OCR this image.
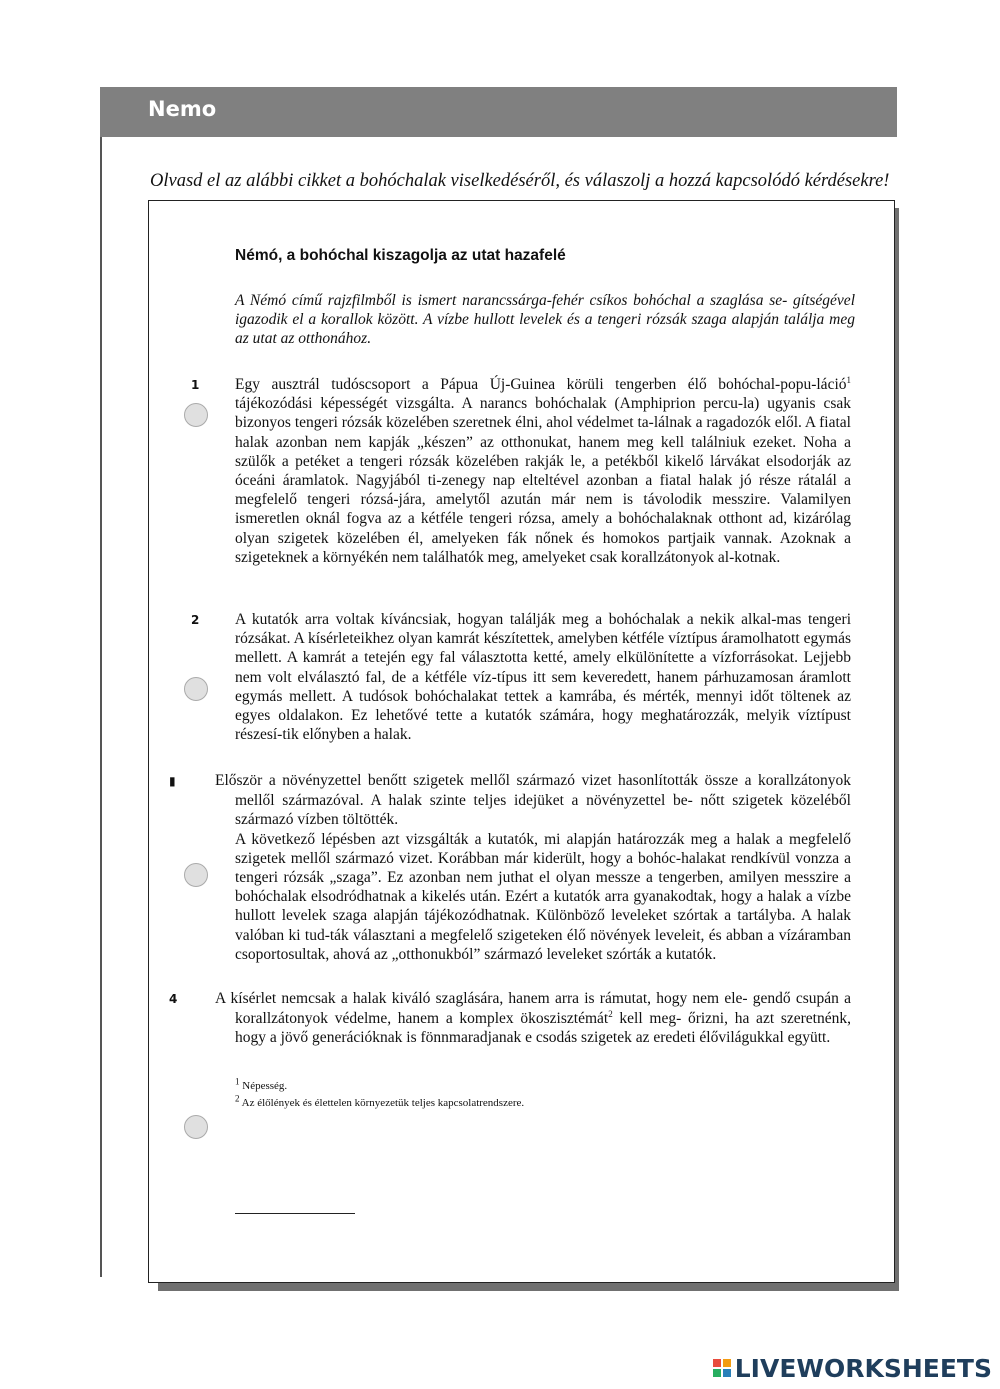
Nemo
Olvasd el az alábbi cikket a bohóchalak viselkedéséről, és válaszolj a hozzá kapcsolódó kérdésekre!
Némó, a bohóchal kiszagolja az utat hazafelé
A Némó című rajzfilmből is ismert narancssárga-fehér csíkos bohóchal a szaglása se- gítségével igazodik el a korallok között. A vízbe hullott levelek és a tengeri rózsák szaga alapján találja meg az utat az otthonához.
1 Egy ausztrál tudóscsoport a Pápua Új-Guinea körüli tengerben élő bohóchal-popu-láció$^1$ tájékozódási képességét vizsgálta. A narancs bohóchalak (Amphiprion percu-la) ugyanis csak bizonyos tengeri rózsák közelében szeretnek élni, ahol védelmet ta-lálnak a ragadozók elől. A fiatal halak azonban nem kapják „készen” az otthonukat, hanem meg kell találniuk ezeket. Noha a szülők a petéket a tengeri rózsák közelében rakják le, a petékből kikelő lárvákat elsodorják az óceáni áramlatok. Nagyjából ti-zenegy nap elteltével azonban a fiatal halak jó része rátalál a megfelelő tengeri rózsá-jára, amelytől azután már nem is távolodik messzire. Valamilyen ismeretlen oknál fogva az a kétféle tengeri rózsa, amely a bohóchalaknak otthont ad, kizárólag olyan szigetek közelében él, amelyeken fák nőnek és homokos partjaik vannak. Azoknak a szigeteknek a környékén nem találhatók meg, amelyeket csak korallzátonyok al-kotnak.
2 A kutatók arra voltak kíváncsiak, hogyan találják meg a bohóchalak a nekik alkal-mas tengeri rózsákat. A kísérleteikhez olyan kamrát készítettek, amelyben kétféle víztípus áramolhatott egymás mellett. A kamrát a tetején egy fal választotta ketté, amely elkülönítette a vízforrásokat. Lejjebb nem volt elválasztó fal, de a kétféle víz-típus itt sem keveredett, hanem párhuzamosan áramlott egymás mellett. A tudósok bohóchalakat tettek a kamrába, és mérték, mennyi időt töltenek az egyes oldalakon. Ez lehetővé tette a kutatók számára, hogy meghatározzák, melyik víztípust részesí-tik előnyben a halak.

▮	Először a növényzettel benőtt szigetek mellől származó vizet hasonlították össze a korallzátonyok mellől származóval. A halak szinte teljes idejüket a növényzettel be- nőtt szigetek közeléből származó vízben töltötték.

A következő lépésben azt vizsgálták a kutatók, mi alapján határozzák meg a halak a megfelelő szigetek mellől származó vizet. Korábban már kiderült, hogy a bohóc-halakat rendkívül vonzza a tengeri rózsák „szaga”. Ez azonban nem juthat el olyan messze a tengerben, amilyen messzire a bohóchalak elsodródhatnak a kikelés után. Ezért a kutatók arra gyanakodtak, hogy a halak a vízbe hullott levelek szaga alapján tájékozódhatnak. Különböző leveleket szórtak a tartályba. A halak valóban ki tud-ták választani a megfelelő szigeteken élő növények leveleit, és abban a vízáramban csoportosultak, ahová az „otthonukból” származó leveleket szórták a kutatók.

4 A kísérlet nemcsak a halak kiváló szaglására, hanem arra is rámutat, hogy nem ele- gendő csupán a korallzátonyok védelme, hanem a komplex ökoszisztémát$^2$ kell meg- őrizni, ha azt szeretnénk, hogy a jövő generációknak is fönnmaradjanak e csodás szigetek az eredeti élővilágukkal együtt.
$^1$ Népesség.
$^2$ Az élőlények és élettelen környezetük teljes kapcsolatrendszere.
LIVEWORKSHEETS
